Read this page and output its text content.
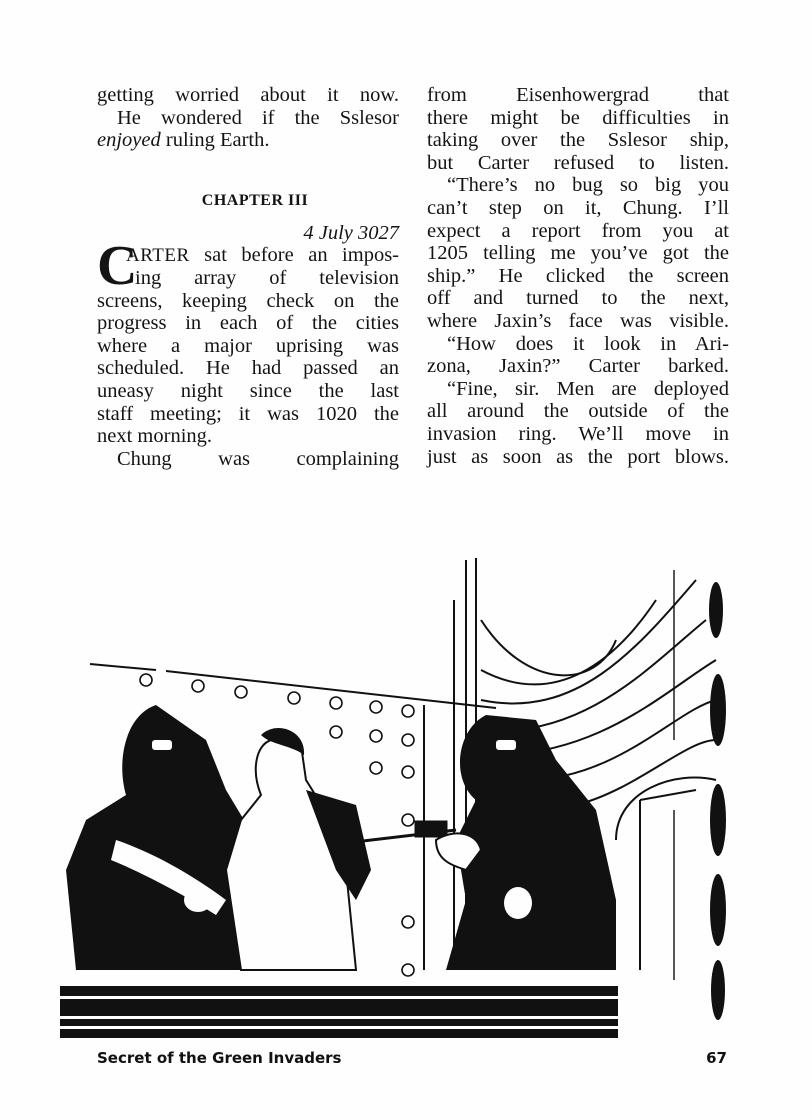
getting worried about it now.
He wondered if the Sslesor
enjoyed ruling Earth.
CHAPTER III
4 July 3027
C
ARTER sat before an impos-
ing array of television
screens, keeping check on the
progress in each of the cities
where a major uprising was
scheduled. He had passed an
uneasy night since the last
staff meeting; it was 1020 the
next morning.
Chung was complaining
from Eisenhowergrad that
there might be difficulties in
taking over the Sslesor ship,
but Carter refused to listen.
“There’s no bug so big you
can’t step on it, Chung. I’ll
expect a report from you at
1205 telling me you’ve got the
ship.” He clicked the screen
off and turned to the next,
where Jaxin’s face was visible.
“How does it look in Ari-
zona, Jaxin?” Carter barked.
“Fine, sir. Men are deployed
all around the outside of the
invasion ring. We’ll move in
just as soon as the port blows.
Secret of the Green Invaders	67
